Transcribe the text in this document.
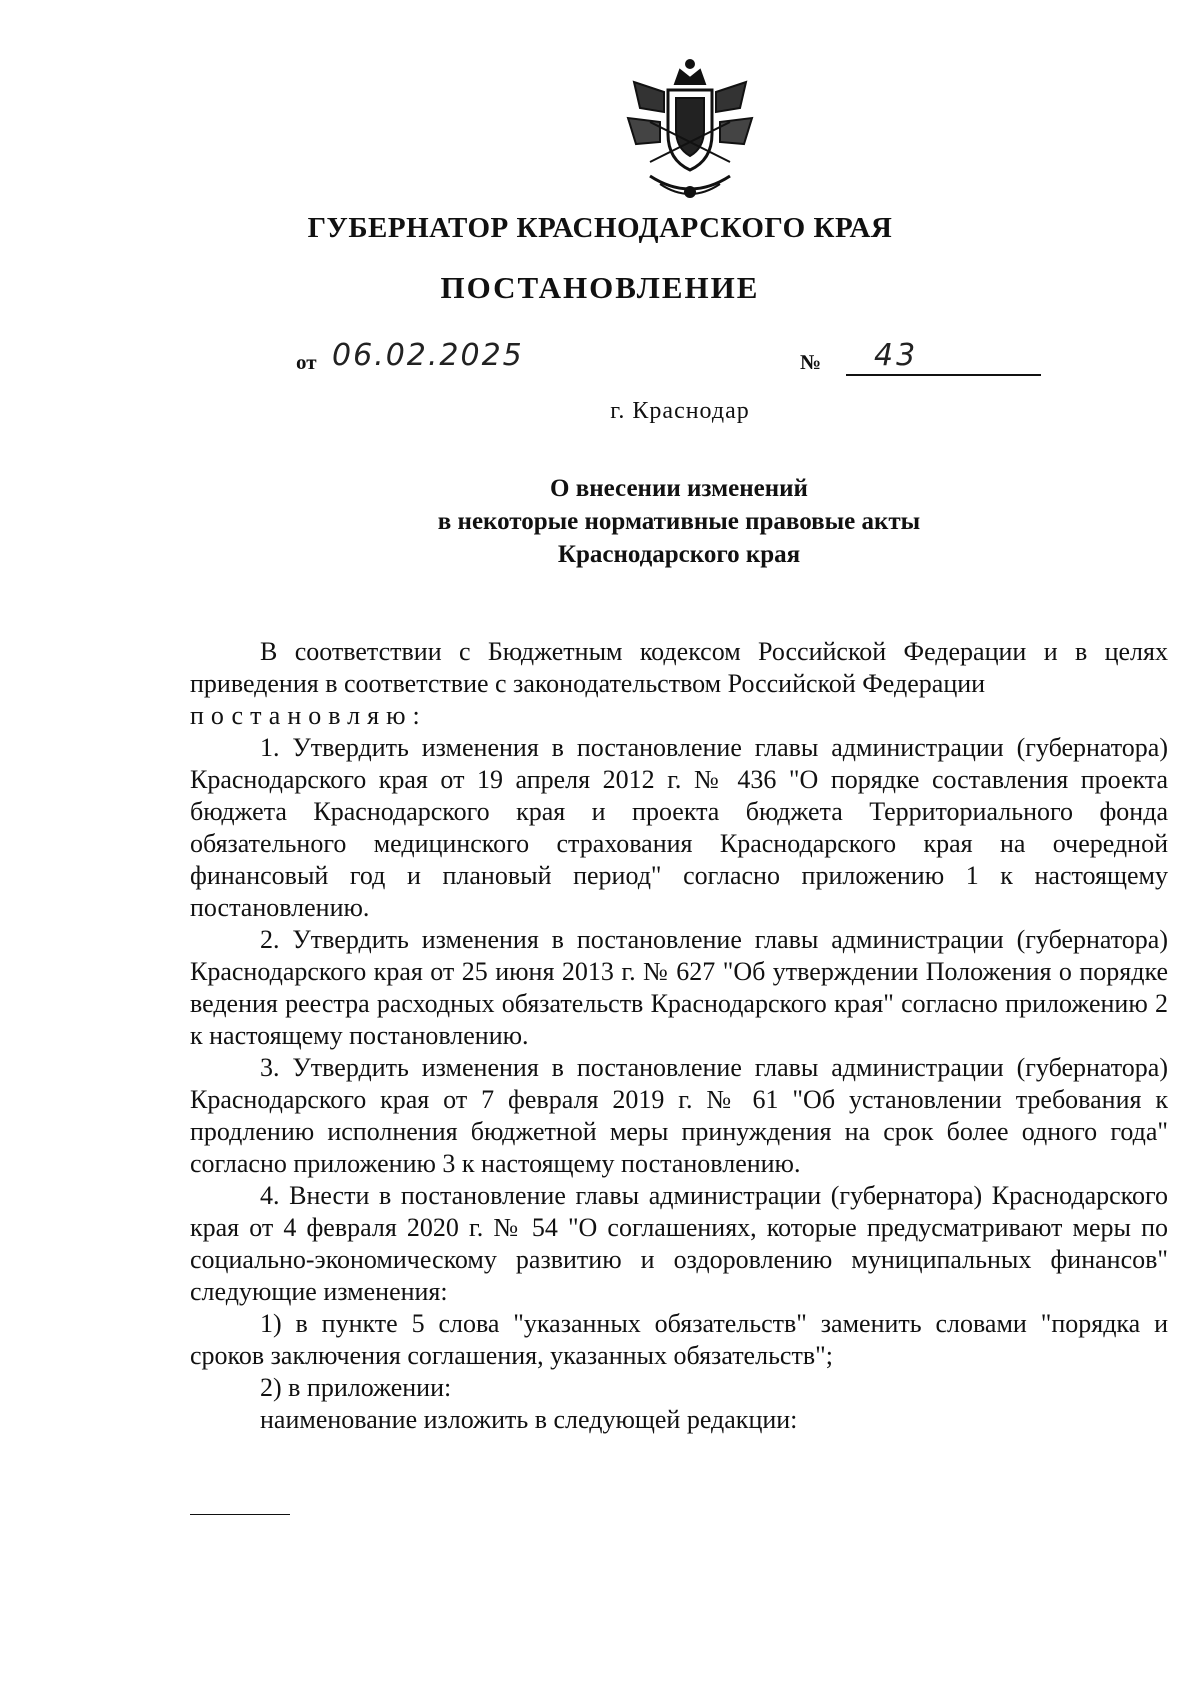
ГУБЕРНАТОР КРАСНОДАРСКОГО КРАЯ
ПОСТАНОВЛЕНИЕ
от 06.02.2025	№ 43
г. Краснодар
О внесении изменений
в некоторые нормативные правовые акты
Краснодарского края

В соответствии с Бюджетным кодексом Российской Федерации и в целях приведения в соответствие с законодательством Российской Федерации

постановляю:

1. Утвердить изменения в постановление главы администрации (губернатора) Краснодарского края от 19 апреля 2012 г. № 436 "О порядке составления проекта бюджета Краснодарского края и проекта бюджета Территориального фонда обязательного медицинского страхования Краснодарского края на очередной финансовый год и плановый период" согласно приложению 1 к настоящему постановлению.

2. Утвердить изменения в постановление главы администрации (губернатора) Краснодарского края от 25 июня 2013 г. № 627 "Об утверждении Положения о порядке ведения реестра расходных обязательств Краснодарского края" согласно приложению 2 к настоящему постановлению.

3. Утвердить изменения в постановление главы администрации (губернатора) Краснодарского края от 7 февраля 2019 г. № 61 "Об установлении требования к продлению исполнения бюджетной меры принуждения на срок более одного года" согласно приложению 3 к настоящему постановлению.

4. Внести в постановление главы администрации (губернатора) Краснодарского края от 4 февраля 2020 г. № 54 "О соглашениях, которые предусматривают меры по социально-экономическому развитию и оздоровлению муниципальных финансов" следующие изменения:

1) в пункте 5 слова "указанных обязательств" заменить словами "порядка и сроков заключения соглашения, указанных обязательств";

2) в приложении:

наименование изложить в следующей редакции:
